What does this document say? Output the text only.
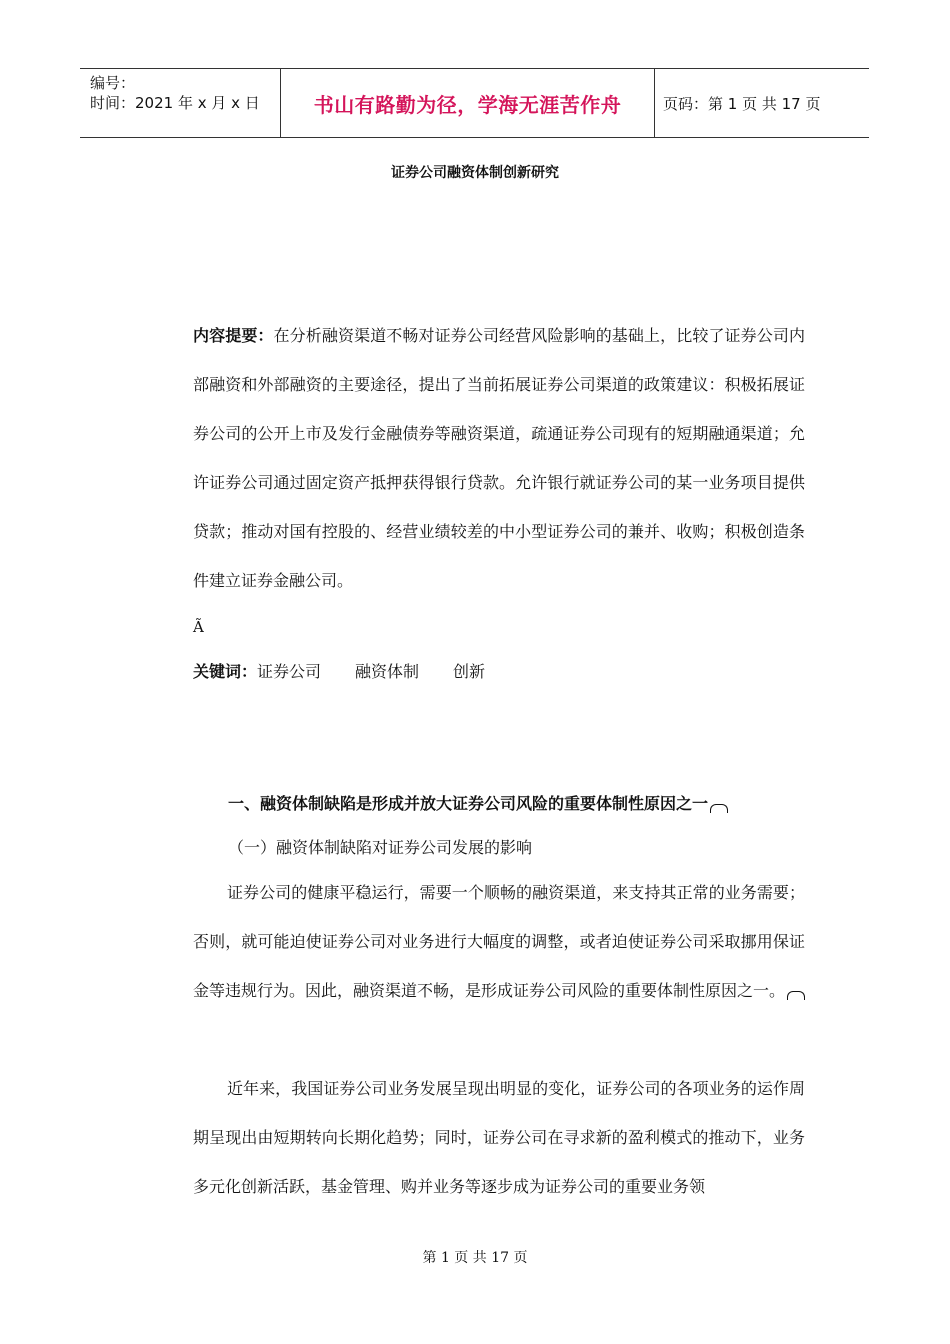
编号：
时间：2021 年 x 月 x 日	书山有路勤为径，学海无涯苦作舟	页码：第 1 页 共 17 页
证券公司融资体制创新研究
内容提要：在分析融资渠道不畅对证券公司经营风险影响的基础上，比较了证券公司内部融资和外部融资的主要途径，提出了当前拓展证券公司渠道的政策建议：积极拓展证券公司的公开上市及发行金融债券等融资渠道，疏通证券公司现有的短期融通渠道；允许证券公司通过固定资产抵押获得银行贷款。允许银行就证券公司的某一业务项目提供贷款；推动对国有控股的、经营业绩较差的中小型证券公司的兼并、收购；积极创造条件建立证券金融公司。
Ã
关键词：证券公司 融资体制 创新
一、融资体制缺陷是形成并放大证券公司风险的重要体制性原因之一
（一）融资体制缺陷对证券公司发展的影响
证券公司的健康平稳运行，需要一个顺畅的融资渠道，来支持其正常的业务需要；否则，就可能迫使证券公司对业务进行大幅度的调整，或者迫使证券公司采取挪用保证金等违规行为。因此，融资渠道不畅，是形成证券公司风险的重要体制性原因之一。
近年来，我国证券公司业务发展呈现出明显的变化，证券公司的各项业务的运作周期呈现出由短期转向长期化趋势；同时，证券公司在寻求新的盈利模式的推动下，业务多元化创新活跃，基金管理、购并业务等逐步成为证券公司的重要业务领
第 1 页 共 17 页
